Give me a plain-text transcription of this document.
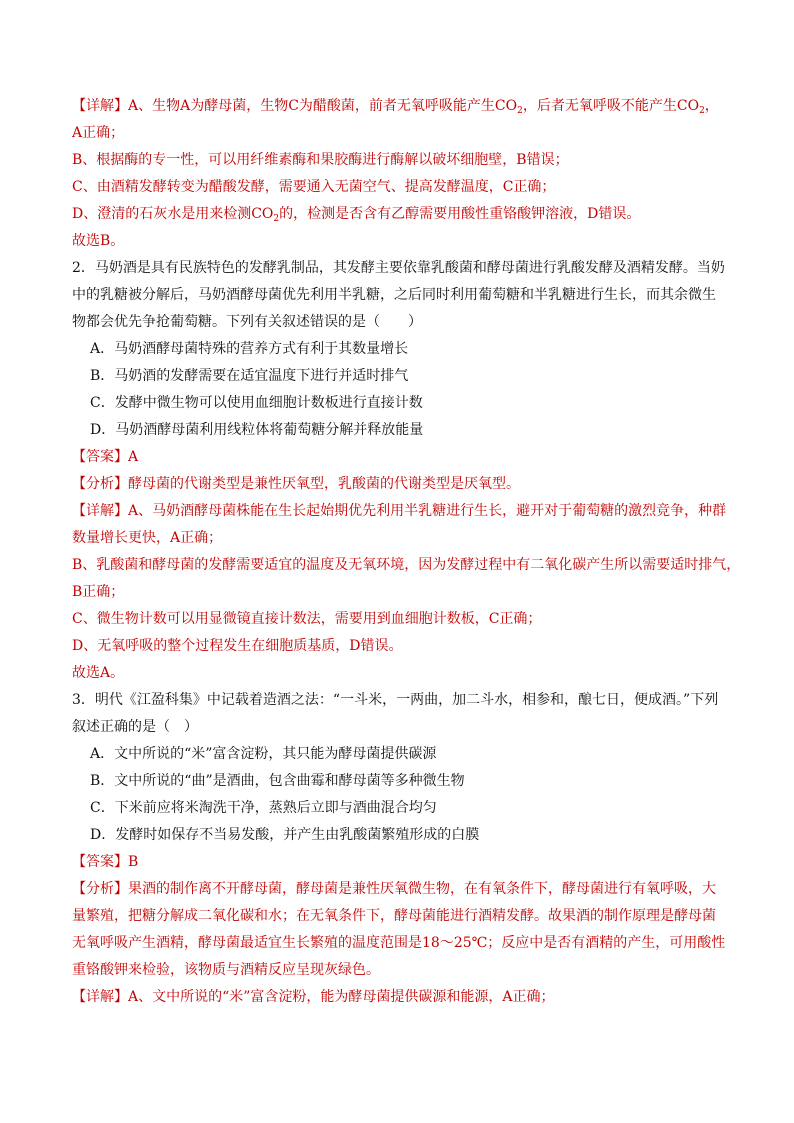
【详解】A、生物A为酵母菌，生物C为醋酸菌，前者无氧呼吸能产生$CO_2$，后者无氧呼吸不能产生$CO_2$，
A正确；
B、根据酶的专一性，可以用纤维素酶和果胶酶进行酶解以破坏细胞壁，B错误；
C、由酒精发酵转变为醋酸发酵，需要通入无菌空气、提高发酵温度，C正确；
D、澄清的石灰水是用来检测$CO_2$的，检测是否含有乙醇需要用酸性重铬酸钾溶液，D错误。
故选B。
2．马奶酒是具有民族特色的发酵乳制品，其发酵主要依靠乳酸菌和酵母菌进行乳酸发酵及酒精发酵。当奶
中的乳糖被分解后，马奶酒酵母菌优先利用半乳糖，之后同时利用葡萄糖和半乳糖进行生长，而其余微生
物都会优先争抢葡萄糖。下列有关叙述错误的是（　　）
A．马奶酒酵母菌特殊的营养方式有利于其数量增长
B．马奶酒的发酵需要在适宜温度下进行并适时排气
C．发酵中微生物可以使用血细胞计数板进行直接计数
D．马奶酒酵母菌利用线粒体将葡萄糖分解并释放能量
【答案】A
【分析】酵母菌的代谢类型是兼性厌氧型，乳酸菌的代谢类型是厌氧型。
【详解】A、马奶酒酵母菌株能在生长起始期优先利用半乳糖进行生长，避开对于葡萄糖的激烈竞争，种群
数量增长更快，A正确；
B、乳酸菌和酵母菌的发酵需要适宜的温度及无氧环境，因为发酵过程中有二氧化碳产生所以需要适时排气，
B正确；
C、微生物计数可以用显微镜直接计数法，需要用到血细胞计数板，C正确；
D、无氧呼吸的整个过程发生在细胞质基质，D错误。
故选A。
3．明代《江盈科集》中记载着造酒之法：“一斗米，一两曲，加二斗水，相参和，酿七日，便成酒。”下列
叙述正确的是（　）
A．文中所说的“米”富含淀粉，其只能为酵母菌提供碳源
B．文中所说的“曲”是酒曲，包含曲霉和酵母菌等多种微生物
C．下米前应将米淘洗干净，蒸熟后立即与酒曲混合均匀
D．发酵时如保存不当易发酸，并产生由乳酸菌繁殖形成的白膜
【答案】B
【分析】果酒的制作离不开酵母菌，酵母菌是兼性厌氧微生物，在有氧条件下，酵母菌进行有氧呼吸，大
量繁殖，把糖分解成二氧化碳和水；在无氧条件下，酵母菌能进行酒精发酵。故果酒的制作原理是酵母菌
无氧呼吸产生酒精，酵母菌最适宜生长繁殖的温度范围是18～25℃；反应中是否有酒精的产生，可用酸性
重铬酸钾来检验，该物质与酒精反应呈现灰绿色。
【详解】A、文中所说的“米”富含淀粉，能为酵母菌提供碳源和能源，A正确；
